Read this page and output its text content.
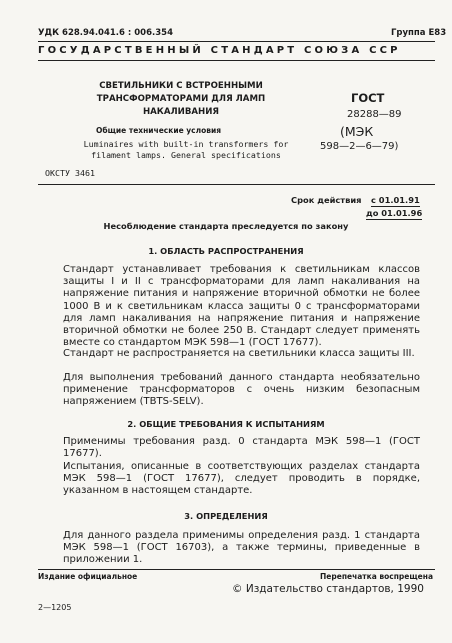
УДК 628.94.041.6 : 006.354	Группа Е83
ГОСУДАРСТВЕННЫЙ СТАНДАРТ СОЮЗА ССР
СВЕТИЛЬНИКИ С ВСТРОЕННЫМИ ТРАНСФОРМАТОРАМИ ДЛЯ ЛАМП НАКАЛИВАНИЯ
Общие технические условия
Luminaires with built-in transformers for filament lamps. General specifications
ОКСТУ 3461
ГОСТ
28288—89
(МЭК
598—2—6—79)
Срок действия с 01.01.91
до 01.01.96
Несоблюдение стандарта преследуется по закону
1. ОБЛАСТЬ РАСПРОСТРАНЕНИЯ
Стандарт устанавливает требования к светильникам классов защиты I и II с трансформаторами для ламп накаливания на напряжение питания и напряжение вторичной обмотки не более 1000 В и к светильникам класса защиты 0 с трансформаторами для ламп накаливания на напряжение питания и напряжение вторичной обмотки не более 250 В. Стандарт следует применять вместе со стандартом МЭК 598—1 (ГОСТ 17677).
Стандарт не распространяется на светильники класса защиты III.
Для выполнения требований данного стандарта необязательно применение трансформаторов с очень низким безопасным напряжением (TBTS-SELV).
2. ОБЩИЕ ТРЕБОВАНИЯ К ИСПЫТАНИЯМ
Применимы требования разд. 0 стандарта МЭК 598—1 (ГОСТ 17677).
Испытания, описанные в соответствующих разделах стандарта МЭК 598—1 (ГОСТ 17677), следует проводить в порядке, указанном в настоящем стандарте.
3. ОПРЕДЕЛЕНИЯ
Для данного раздела применимы определения разд. 1 стандарта МЭК 598—1 (ГОСТ 16703), а также термины, приведенные в приложении 1.
Издание официальное	Перепечатка воспрещена
© Издательство стандартов, 1990
2—1205
